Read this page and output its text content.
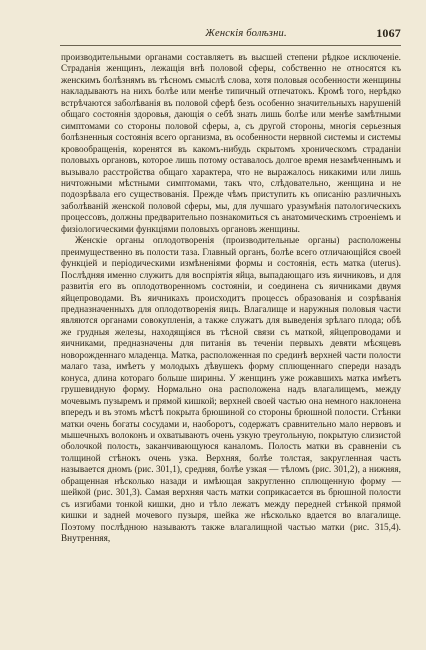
Женскія болѣзни.	1067

производительными органами составляетъ въ высшей степени рѣдкое исключеніе. Страданія женщинъ, лежащія внѣ половой сферы, собственно не относятся къ женскимъ болѣзнямъ въ тѣсномъ смыслѣ слова, хотя половыя особенности женщины накладываютъ на нихъ болѣе или менѣе типичный отпечатокъ. Кромѣ того, нерѣдко встрѣчаются заболѣванія въ половой сферѣ безъ особенно значительныхъ нарушеній общаго состоянія здоровья, дающія о себѣ знать лишь болѣе или менѣе замѣтными симптомами со стороны половой сферы, а, съ другой стороны, многія серьезныя болѣзненныя состоянія всего организма, въ особенности нервной системы и системы кровообращенія, коренятся въ какомъ-нибудь скрытомъ хроническомъ страданіи половыхъ органовъ, которое лишь потому оставалось долгое время незамѣченнымъ и вызывало расстройства общаго характера, что не выражалось никакими или лишь ничтожными мѣстными симптомами, такъ что, слѣдовательно, женщина и не подозрѣвала его существованія. Прежде чѣмъ приступить къ описанію различныхъ заболѣваній женской половой сферы, мы, для лучшаго уразумѣнія патологическихъ процессовъ, должны предварительно познакомиться съ анатомическимъ строеніемъ и физіологическими функціями половыхъ органовъ женщины.

Женскіе органы оплодотворенія (производительные органы) расположены преимущественно въ полости таза. Главный органъ, болѣе всего отличающійся своей функціей и періодическими измѣненіями формы и состоянія, есть матка (uterus). Послѣдняя именно служитъ для воспріятія яйца, выпадающаго изъ яичниковъ, и для развитія его въ оплодотворенномъ состояніи, и соединена съ яичниками двумя яйцепроводами. Въ яичникахъ происходитъ процессъ образованія и созрѣванія предназначенныхъ для оплодотворенія яицъ. Влагалище и наружныя половыя части являются органами совокупленія, а также служатъ для выведенія зрѣлаго плода; обѣ же грудныя железы, находящіяся въ тѣсной связи съ маткой, яйцепроводами и яичниками, предназначены для питанія въ теченіи первыхъ девяти мѣсяцевъ новорожденнаго младенца. Матка, расположенная по срединѣ верхней части полости малаго таза, имѣетъ у молодыхъ дѣвушекъ форму сплющеннаго спереди назадъ конуса, длина котораго больше ширины. У женщинъ уже рожавшихъ матка имѣетъ грушевидную форму. Нормально она расположена надъ влагалищемъ, между мочевымъ пузыремъ и прямой кишкой; верхней своей частью она немного наклонена впередъ и въ этомъ мѣстѣ покрыта брюшиной со стороны брюшной полости. Стѣнки матки очень богаты сосудами и, наоборотъ, содержатъ сравнительно мало нервовъ и мышечныхъ волоконъ и охватываютъ очень узкую треугольную, покрытую слизистой оболочкой полость, заканчивающуюся каналомъ. Полость матки въ сравненіи съ толщиной стѣнокъ очень узка. Верхняя, болѣе толстая, закругленная часть называется дномъ (рис. 301,1), средняя, болѣе узкая — тѣломъ (рис. 301,2), а нижняя, обращенная нѣсколько назади и имѣющая закругленно сплющенную форму — шейкой (рис. 301,3). Самая верхняя часть матки соприкасается въ брюшной полости съ изгибами тонкой кишки, дно и тѣло лежатъ между передней стѣнкой прямой кишки и задней мочевого пузыря, шейка же нѣсколько вдается во влагалище. Поэтому послѣднюю называютъ также влагалищной частью матки (рис. 315,4). Внутренняя,
